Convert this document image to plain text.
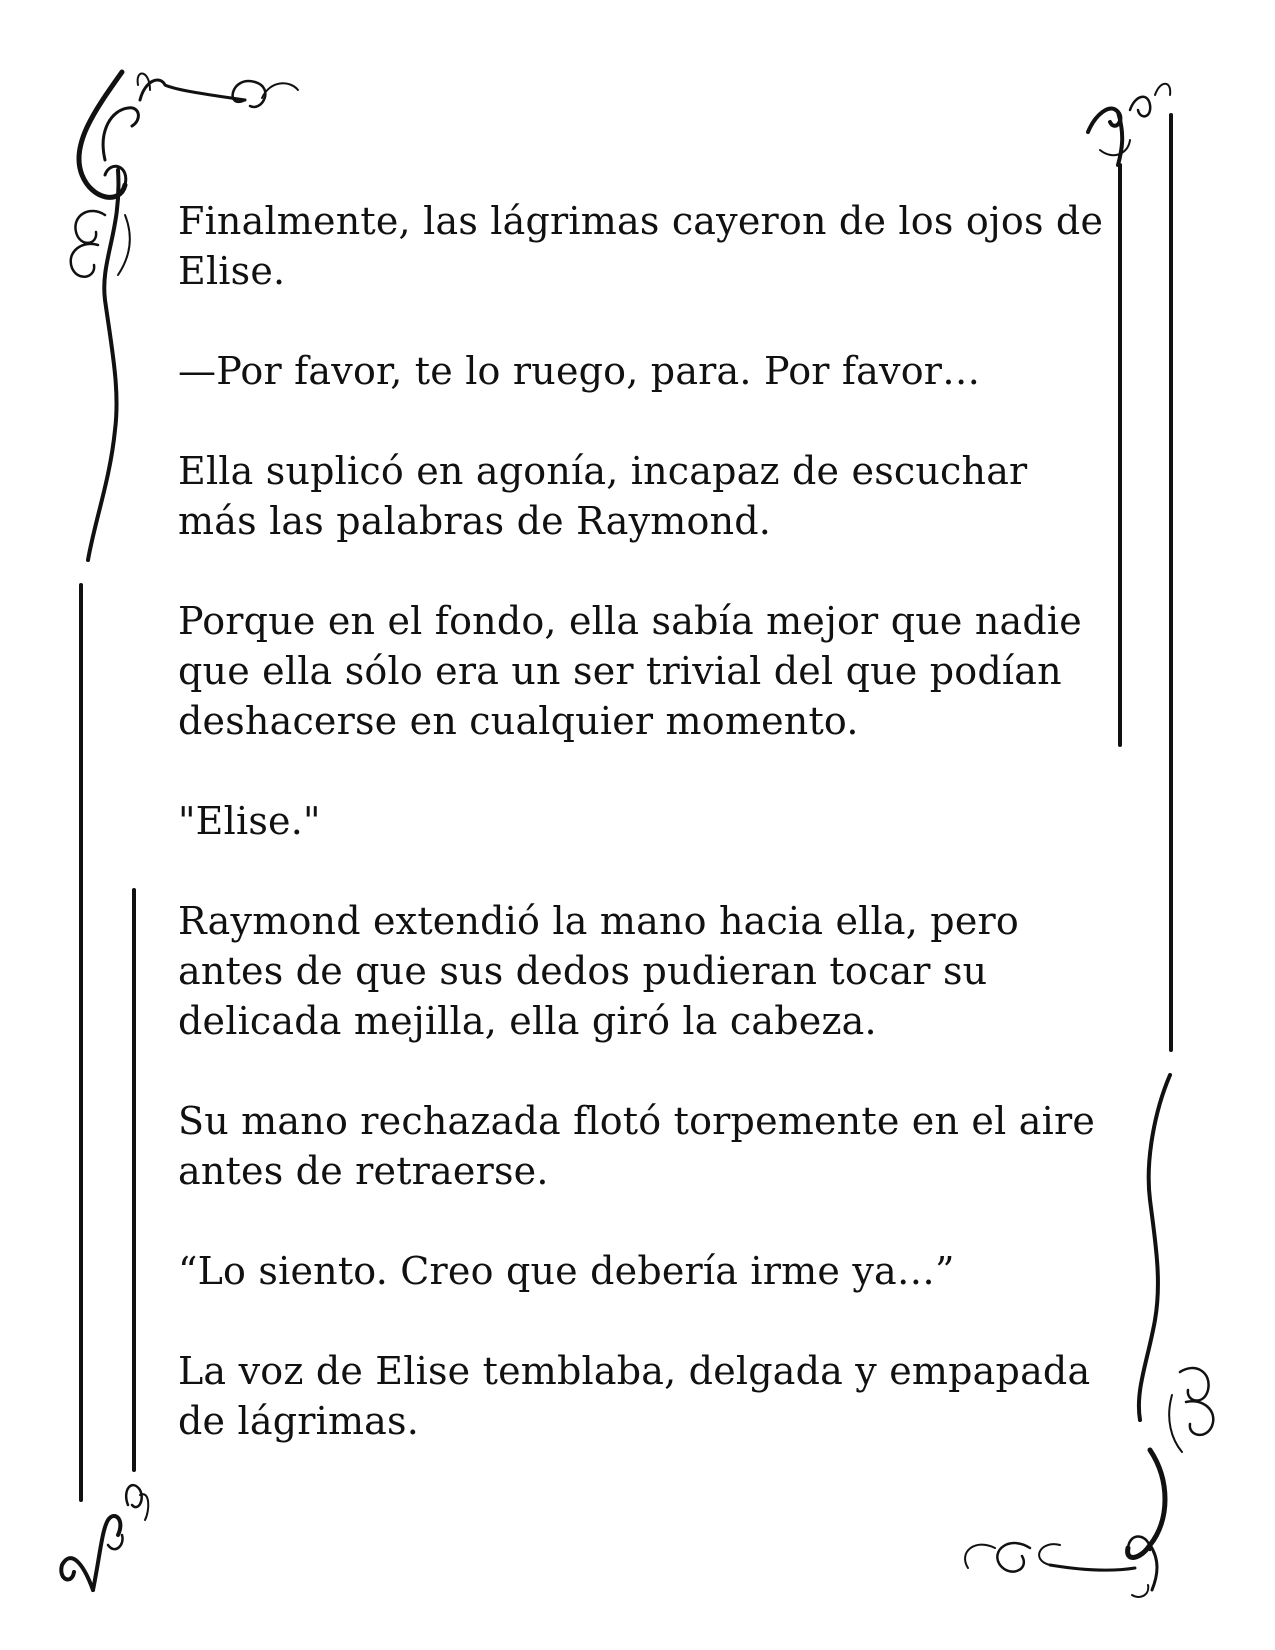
Finalmente, las lágrimas cayeron de los ojos de
Elise.

—Por favor, te lo ruego, para. Por favor…

Ella suplicó en agonía, incapaz de escuchar
más las palabras de Raymond.

Porque en el fondo, ella sabía mejor que nadie
que ella sólo era un ser trivial del que podían
deshacerse en cualquier momento.

"Elise."

Raymond extendió la mano hacia ella, pero
antes de que sus dedos pudieran tocar su
delicada mejilla, ella giró la cabeza.

Su mano rechazada flotó torpemente en el aire
antes de retraerse.

“Lo siento. Creo que debería irme ya…”

La voz de Elise temblaba, delgada y empapada
de lágrimas.
